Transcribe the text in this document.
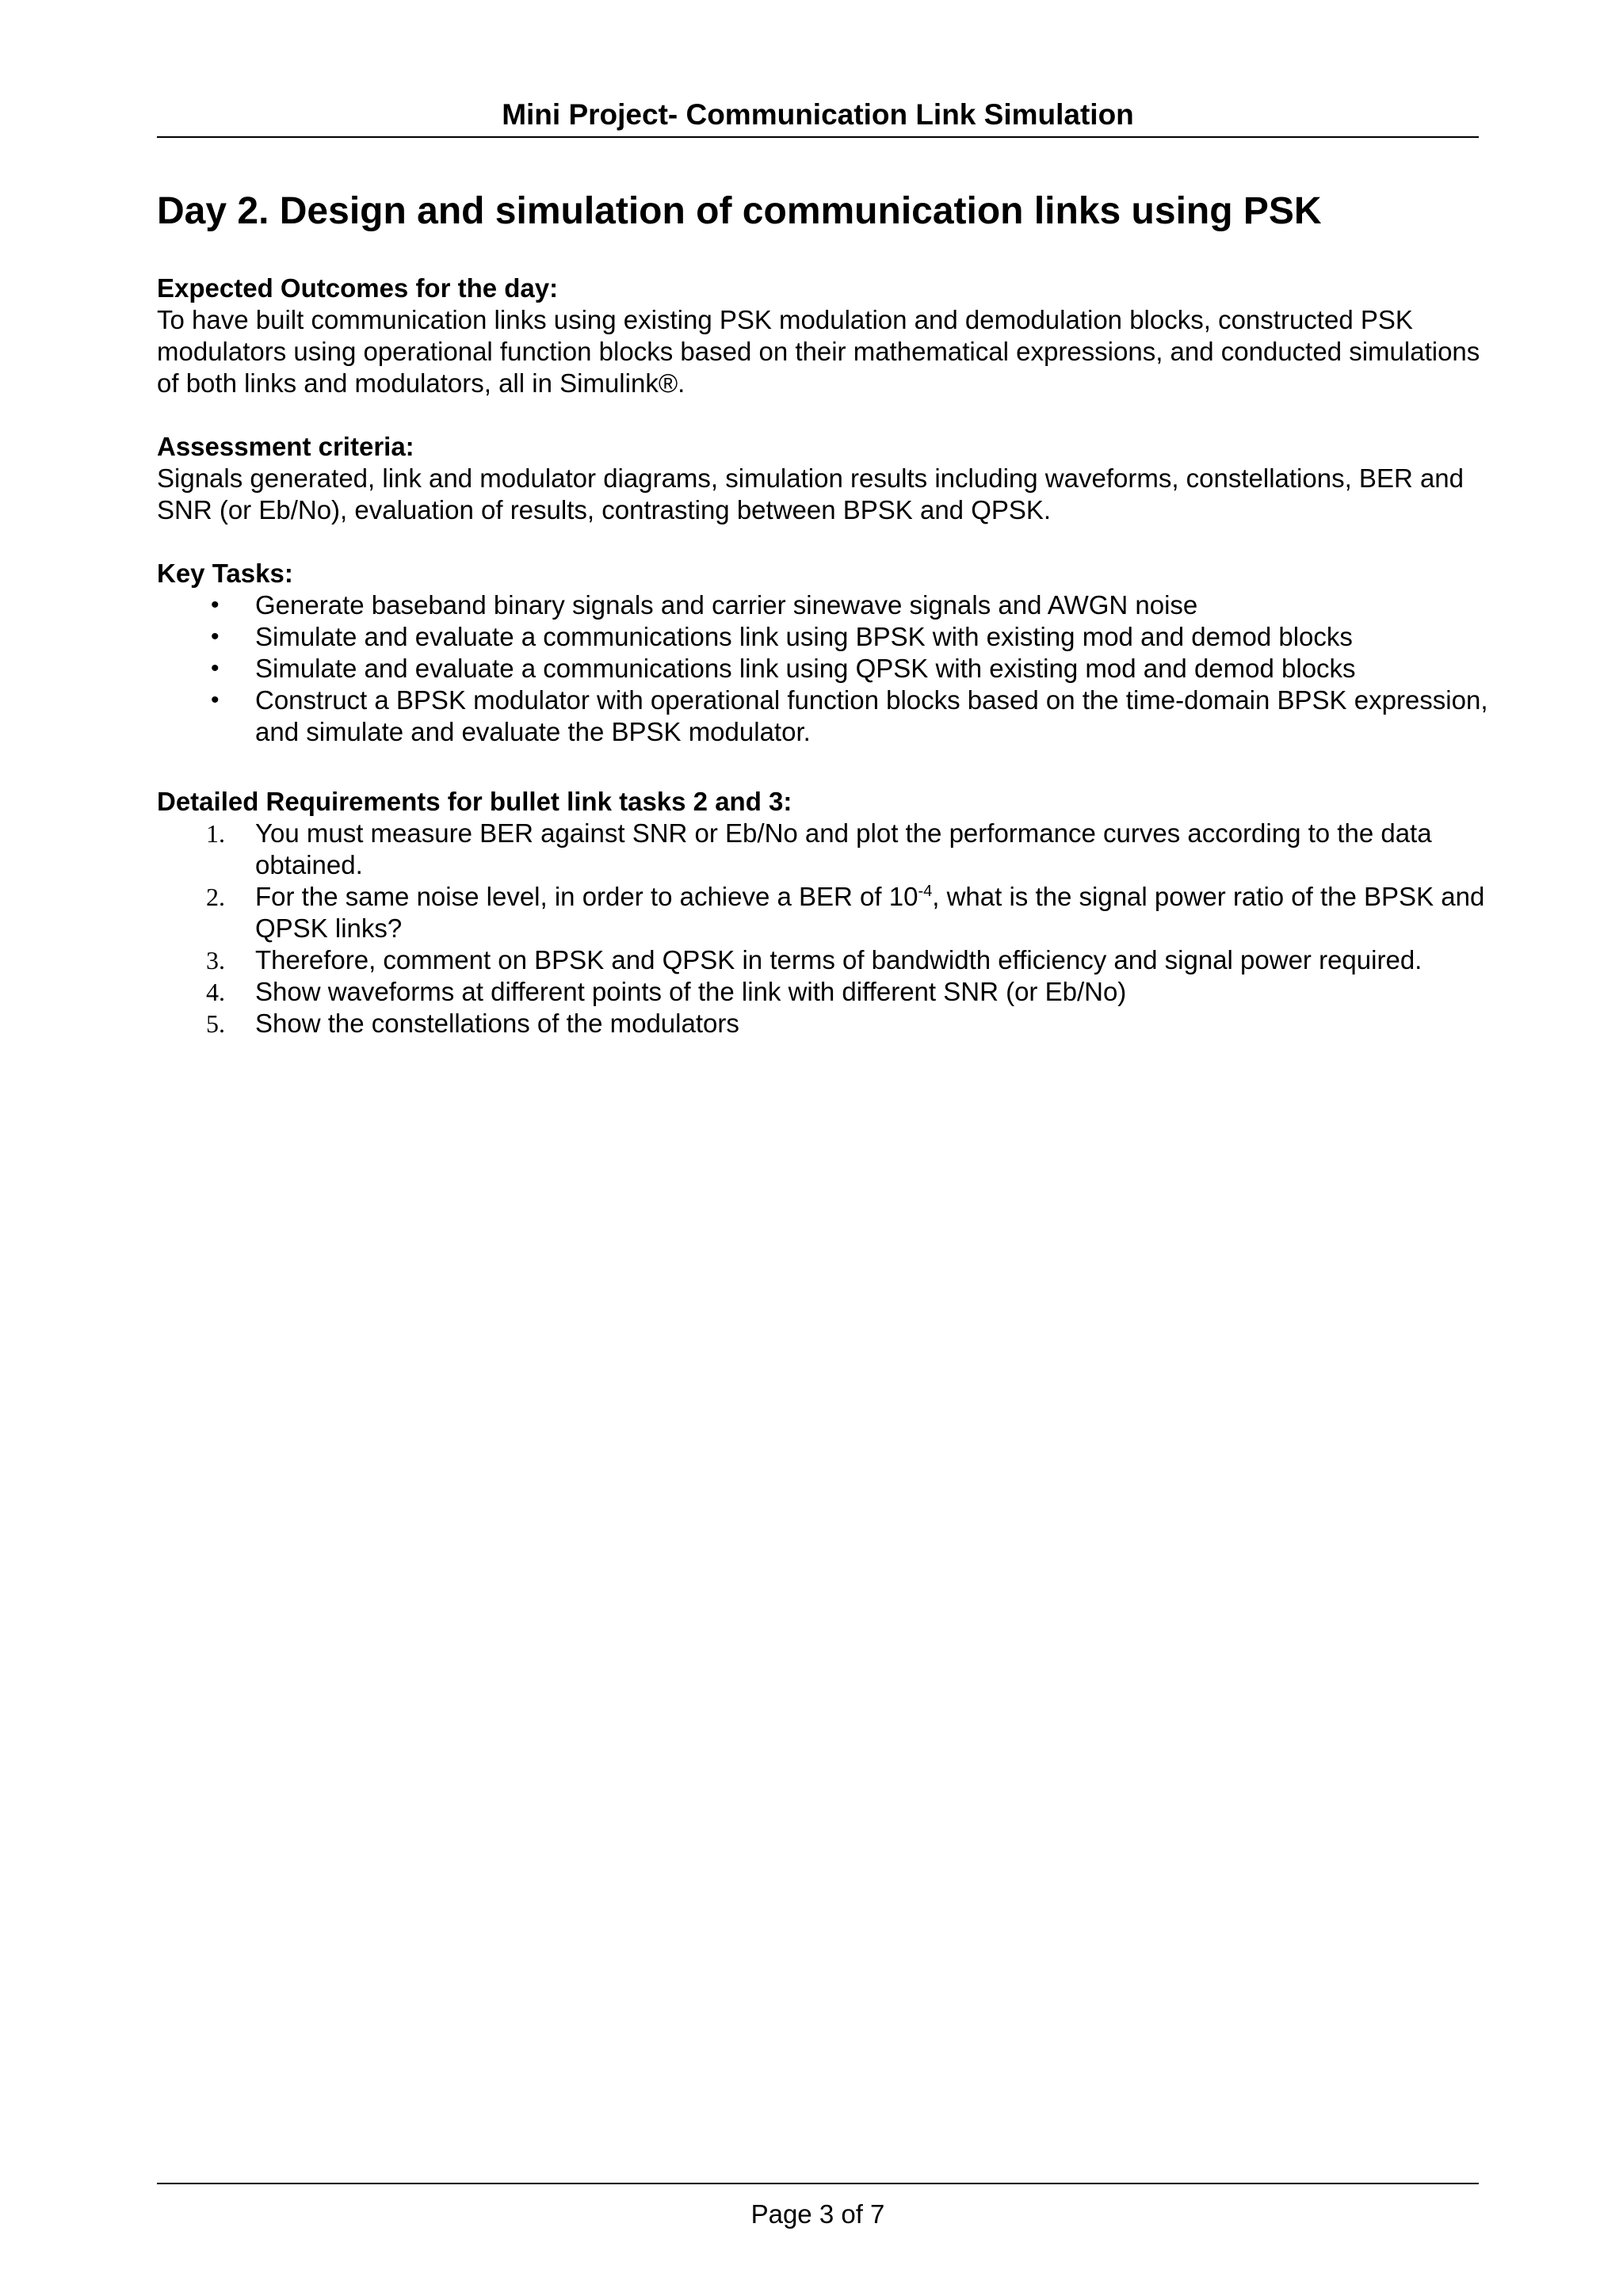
Mini Project- Communication Link Simulation
Day 2. Design and simulation of communication links using PSK

Expected Outcomes for the day:

To have built communication links using existing PSK modulation and demodulation blocks, constructed PSK modulators using operational function blocks based on their mathematical expressions, and conducted simulations of both links and modulators, all in Simulink®.

Assessment criteria:

Signals generated, link and modulator diagrams, simulation results including waveforms, constellations, BER and SNR (or Eb/No), evaluation of results, contrasting between BPSK and QPSK.

Key Tasks:

• Generate baseband binary signals and carrier sinewave signals and AWGN noise
• Simulate and evaluate a communications link using BPSK with existing mod and demod blocks
• Simulate and evaluate a communications link using QPSK with existing mod and demod blocks
• Construct a BPSK modulator with operational function blocks based on the time-domain BPSK expression, and simulate and evaluate the BPSK modulator.

Detailed Requirements for bullet link tasks 2 and 3:

1. You must measure BER against SNR or Eb/No and plot the performance curves according to the data obtained.
2. For the same noise level, in order to achieve a BER of $10^{-4}$, what is the signal power ratio of the BPSK and QPSK links?
3. Therefore, comment on BPSK and QPSK in terms of bandwidth efficiency and signal power required.
4. Show waveforms at different points of the link with different SNR (or Eb/No)
5. Show the constellations of the modulators
Page 3 of 7
